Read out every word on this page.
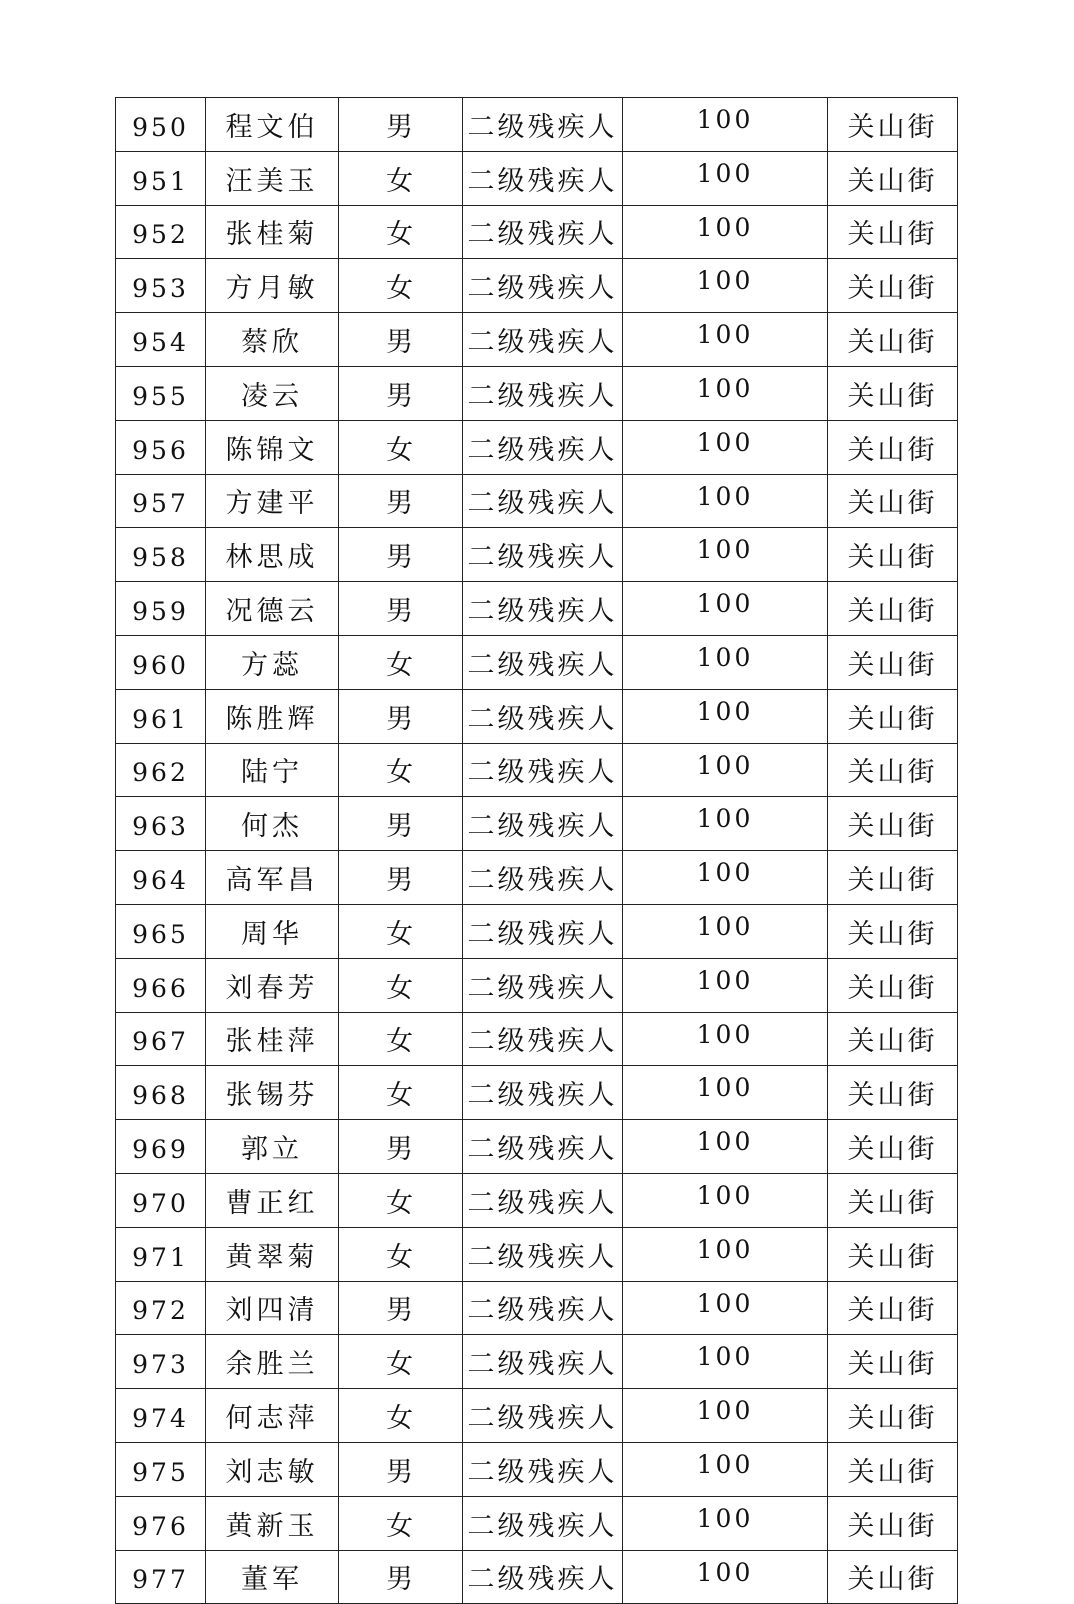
950	程文伯	男	二级残疾人	100	关山街
951	汪美玉	女	二级残疾人	100	关山街
952	张桂菊	女	二级残疾人	100	关山街
953	方月敏	女	二级残疾人	100	关山街
954	蔡欣	男	二级残疾人	100	关山街
955	凌云	男	二级残疾人	100	关山街
956	陈锦文	女	二级残疾人	100	关山街
957	方建平	男	二级残疾人	100	关山街
958	林思成	男	二级残疾人	100	关山街
959	况德云	男	二级残疾人	100	关山街
960	方蕊	女	二级残疾人	100	关山街
961	陈胜辉	男	二级残疾人	100	关山街
962	陆宁	女	二级残疾人	100	关山街
963	何杰	男	二级残疾人	100	关山街
964	高军昌	男	二级残疾人	100	关山街
965	周华	女	二级残疾人	100	关山街
966	刘春芳	女	二级残疾人	100	关山街
967	张桂萍	女	二级残疾人	100	关山街
968	张锡芬	女	二级残疾人	100	关山街
969	郭立	男	二级残疾人	100	关山街
970	曹正红	女	二级残疾人	100	关山街
971	黄翠菊	女	二级残疾人	100	关山街
972	刘四清	男	二级残疾人	100	关山街
973	余胜兰	女	二级残疾人	100	关山街
974	何志萍	女	二级残疾人	100	关山街
975	刘志敏	男	二级残疾人	100	关山街
976	黄新玉	女	二级残疾人	100	关山街
977	董军	男	二级残疾人	100	关山街
